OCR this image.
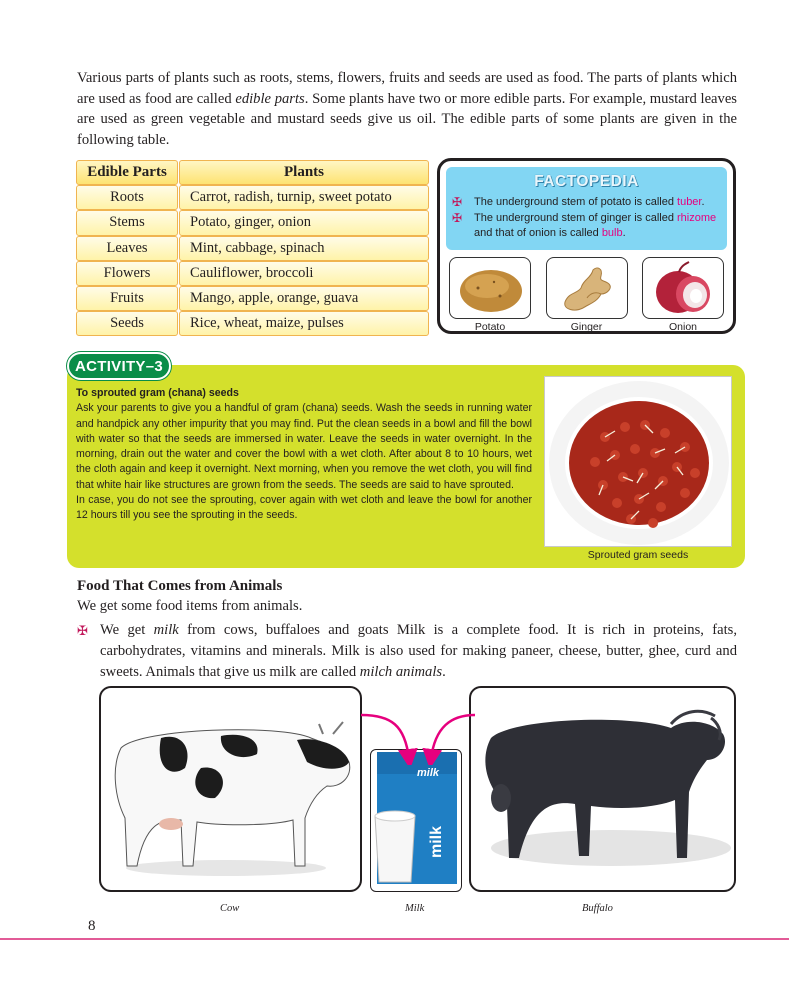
Various parts of plants such as roots, stems, flowers, fruits and seeds are used as food. The parts of plants which are used as food are called edible parts. Some plants have two or more edible parts. For example, mustard leaves are used as green vegetable and mustard seeds give us oil. The edible parts of some plants are given in the following table.

Edible Parts	Plants
Roots	Carrot, radish, turnip, sweet potato
Stems	Potato, ginger, onion
Leaves	Mint, cabbage, spinach
Flowers	Cauliflower, broccoli
Fruits	Mango, apple, orange, guava
Seeds	Rice, wheat, maize, pulses
FACTOPEDIA
✠ The underground stem of potato is called tuber.
✠ The underground stem of ginger is called rhizome and that of onion is called bulb.
Potato	Ginger	Onion
ACTIVITY–3
To sprouted gram (chana) seeds

Ask your parents to give you a handful of gram (chana) seeds. Wash the seeds in running water and handpick any other impurity that you may find. Put the clean seeds in a bowl and fill the bowl with water so that the seeds are immersed in water. Leave the seeds in water overnight. In the morning, drain out the water and cover the bowl with a wet cloth. After about 8 to 10 hours, wet the cloth again and keep it overnight. Next morning, when you remove the wet cloth, you will find that white hair like structures are grown from the seeds. The seeds are said to have sprouted.

In case, you do not see the sprouting, cover again with wet cloth and leave the bowl for another 12 hours till you see the sprouting in the seeds.

Sprouted gram seeds
Food That Comes from Animals
We get some food items from animals.
✠ We get milk from cows, buffaloes and goats Milk is a complete food. It is rich in proteins, fats, carbohydrates, vitamins and minerals. Milk is also used for making paneer, cheese, butter, ghee, curd and sweets. Animals that give us milk are called milch animals.
milk
milk
Cow	Milk	Buffalo
8
